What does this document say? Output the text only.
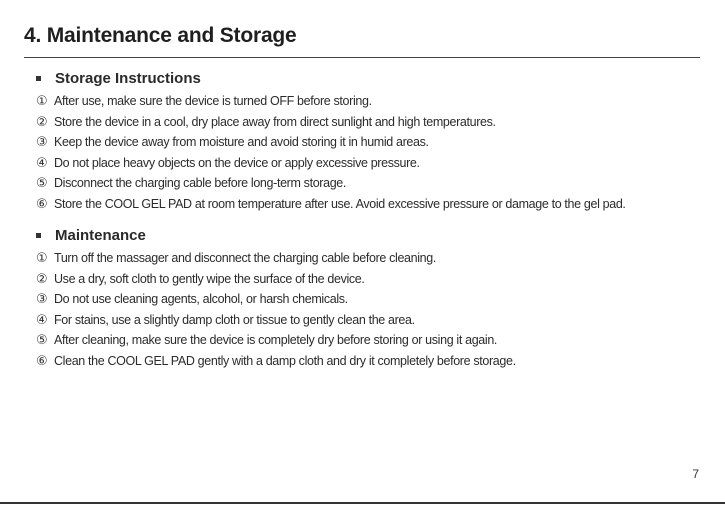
4. Maintenance and Storage
Storage Instructions
① After use, make sure the device is turned OFF before storing.
② Store the device in a cool, dry place away from direct sunlight and high temperatures.
③ Keep the device away from moisture and avoid storing it in humid areas.
④ Do not place heavy objects on the device or apply excessive pressure.
⑤ Disconnect the charging cable before long-term storage.
⑥ Store the COOL GEL PAD at room temperature after use. Avoid excessive pressure or damage to the gel pad.
Maintenance
① Turn off the massager and disconnect the charging cable before cleaning.
② Use a dry, soft cloth to gently wipe the surface of the device.
③ Do not use cleaning agents, alcohol, or harsh chemicals.
④ For stains, use a slightly damp cloth or tissue to gently clean the area.
⑤ After cleaning, make sure the device is completely dry before storing or using it again.
⑥ Clean the COOL GEL PAD gently with a damp cloth and dry it completely before storage.
7
